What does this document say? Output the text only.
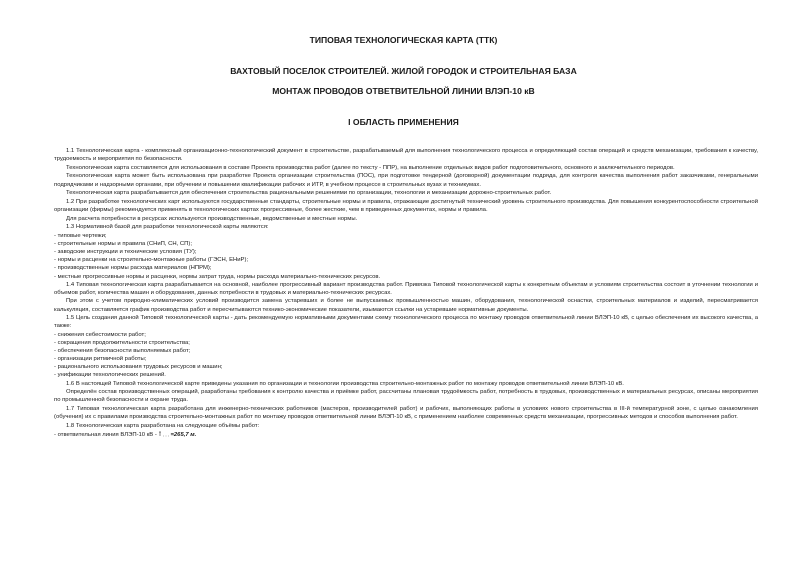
ТИПОВАЯ ТЕХНОЛОГИЧЕСКАЯ КАРТА (ТТК)
ВАХТОВЫЙ ПОСЕЛОК СТРОИТЕЛЕЙ. ЖИЛОЙ ГОРОДОК И СТРОИТЕЛЬНАЯ БАЗА
МОНТАЖ ПРОВОДОВ ОТВЕТВИТЕЛЬНОЙ ЛИНИИ ВЛЭП-10 кВ
I ОБЛАСТЬ ПРИМЕНЕНИЯ

1.1 Технологическая карта - комплексный организационно-технологический документ в строительстве, разрабатываемый для выполнения технологического процесса и определяющий состав операций и средств механизации, требования к качеству, трудоемкость и мероприятия по безопасности.

Технологическая карта составляется для использования в составе Проекта производства работ (далее по тексту - ППР), на выполнение отдельных видов работ подготовительного, основного и заключительного периодов.

Технологическая карта может быть использована при разработке Проекта организации строительства (ПОС), при подготовке тендерной (договорной) документации подряда, для контроля качества выполнения работ заказчиками, генеральными подрядчиками и надзорными органами, при обучении и повышении квалификации рабочих и ИТР, в учебном процессе в строительных вузах и техникумах.

Технологическая карта разрабатывается для обеспечения строительства рациональными решениями по организации, технологии и механизации дорожно-строительных работ.

1.2 При разработке технологических карт используются государственные стандарты, строительные нормы и правила, отражающие достигнутый технический уровень строительного производства. Для повышения конкурентоспособности строительной организации (фирмы) рекомендуется применять в технологических картах прогрессивные, более жесткие, чем в приведенных документах, нормы и правила.

Для расчета потребности в ресурсах используются производственные, ведомственные и местные нормы.

1.3 Нормативной базой для разработки технологической карты являются:

- типовые чертежи;
- строительные нормы и правила (СНиП, СН, СП);
- заводские инструкции и технические условия (ТУ);
- нормы и расценки на строительно-монтажные работы (ГЭСН, ЕНиР);
- производственные нормы расхода материалов (НПРМ);
- местные прогрессивные нормы и расценки, нормы затрат труда, нормы расхода материально-технических ресурсов.

1.4 Типовая технологическая карта разрабатывается на основной, наиболее прогрессивный вариант производства работ. Привязка Типовой технологической карты к конкретным объектам и условиям строительства состоит в уточнении технологии и объемов работ, количества машин и оборудования, данных потребности в трудовых и материально-технических ресурсах.

При этом с учетом природно-климатических условий производится замена устаревших и более не выпускаемых промышленностью машин, оборудования, технологической оснастки, строительных материалов и изделий, пересматривается калькуляция, составляется график производства работ и пересчитываются технико-экономические показатели, изымаются ссылки на устаревшие нормативные документы.

1.5 Цель создания данной Типовой технологической карты - дать рекомендуемую нормативными документами схему технологического процесса по монтажу проводов ответвительной линии ВЛЭП-10 кВ, с целью обеспечения их высокого качества, а также:

- снижения себестоимости работ;
- сокращения продолжительности строительства;
- обеспечения безопасности выполняемых работ;
- организации ритмичной работы;
- рационального использования трудовых ресурсов и машин;
- унификации технологических решений.

1.6 В настоящей Типовой технологической карте приведены указания по организации и технологии производства строительно-монтажных работ по монтажу проводов ответвительной линии ВЛЭП-10 кВ.

Определён состав производственных операций, разработаны требования к контролю качества и приёмке работ, рассчитаны плановая трудоёмкость работ, потребность в трудовых, производственных и материальных ресурсах, описаны мероприятия по промышленной безопасности и охране труда.

1.7 Типовая технологическая карта разработана для инженерно-технических работников (мастеров, производителей работ) и рабочих, выполняющих работы в условиях нового строительства в III-й температурной зоне, с целью ознакомления (обучения) их с правилами производства строительно-монтажных работ по монтажу проводов ответвительной линии ВЛЭП-10 кВ, с применением наиболее современных средств механизации, прогрессивных методов и способов выполнения работ.

1.8 Технологическая карта разработана на следующие объёмы работ:

- ответвительная линия ВЛЭП-10 кВ - =265,7 м.
